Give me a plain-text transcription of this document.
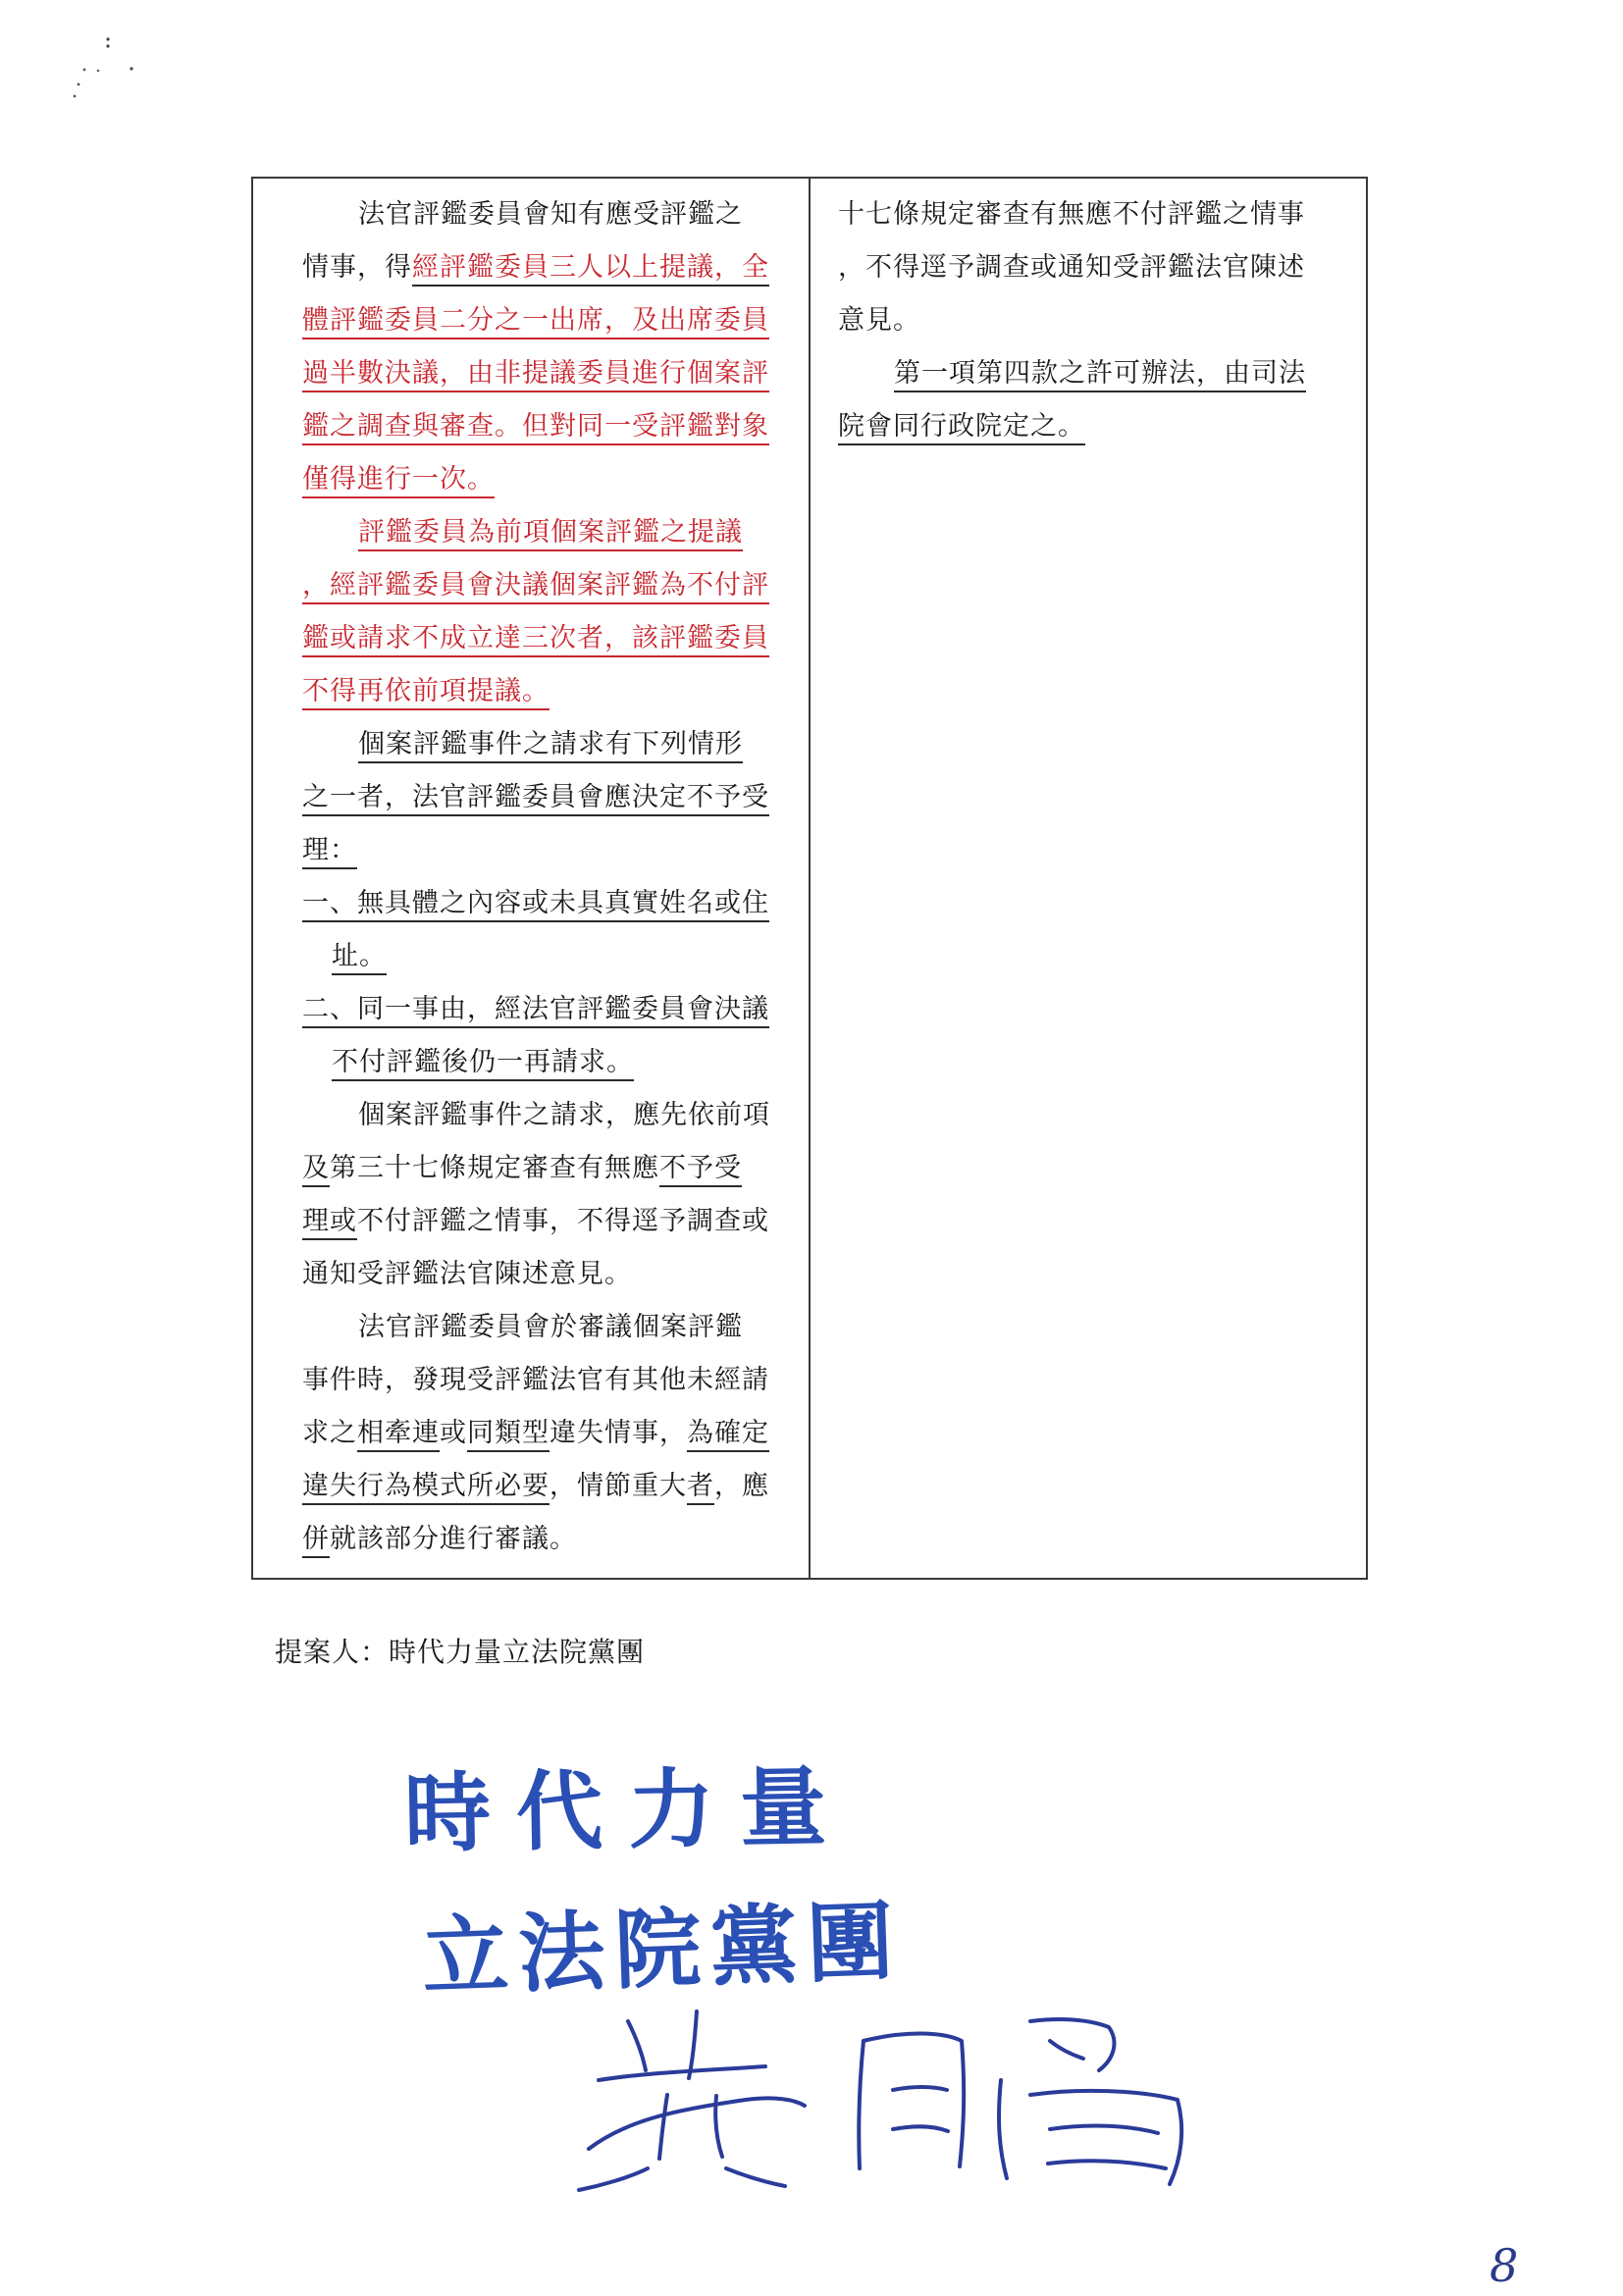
法官評鑑委員會知有應受評鑑之
情事，得經評鑑委員三人以上提議，全
體評鑑委員二分之一出席，及出席委員
過半數決議，由非提議委員進行個案評
鑑之調查與審查。但對同一受評鑑對象
僅得進行一次。

評鑑委員為前項個案評鑑之提議
，經評鑑委員會決議個案評鑑為不付評
鑑或請求不成立達三次者，該評鑑委員
不得再依前項提議。

個案評鑑事件之請求有下列情形
之一者，法官評鑑委員會應決定不予受
理：

一、無具體之內容或未具真實姓名或住
址。

二、同一事由，經法官評鑑委員會決議
不付評鑑後仍一再請求。

個案評鑑事件之請求，應先依前項
及第三十七條規定審查有無應不予受
理或不付評鑑之情事，不得逕予調查或
通知受評鑑法官陳述意見。

法官評鑑委員會於審議個案評鑑
事件時，發現受評鑑法官有其他未經請
求之相牽連或同類型違失情事，為確定
違失行為模式所必要，情節重大者，應
併就該部分進行審議。

十七條規定審查有無應不付評鑑之情事
，不得逕予調查或通知受評鑑法官陳述
意見。

第一項第四款之許可辦法，由司法
院會同行政院定之。

提案人：時代力量立法院黨團
時代力量
立法院黨團
8
